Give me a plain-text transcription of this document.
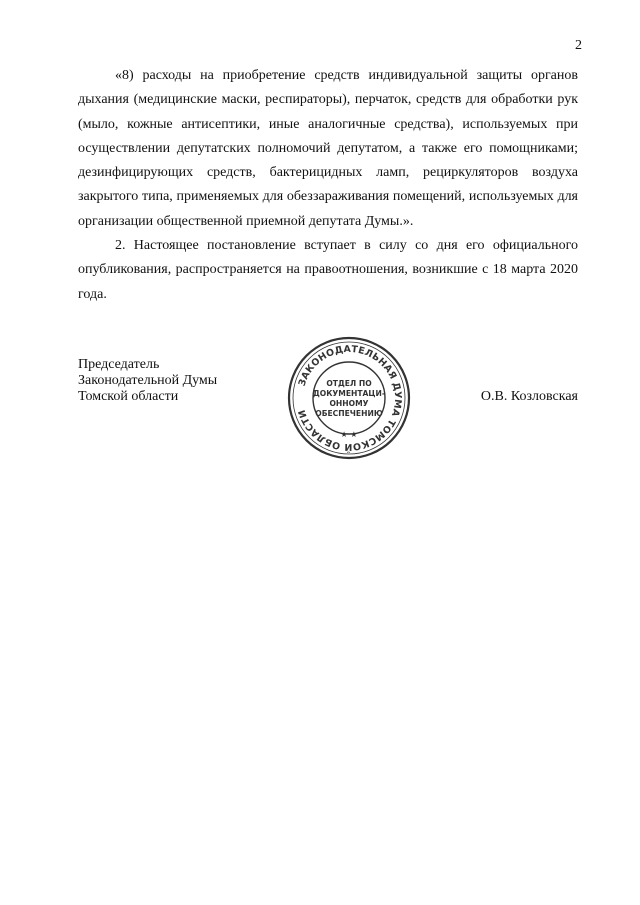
2

«8) расходы на приобретение средств индивидуальной защиты органов дыхания (медицинские маски, респираторы), перчаток, средств для обработки рук (мыло, кожные антисептики, иные аналогичные средства), используемых при осуществлении депутатских полномочий депутатом, а также его помощниками; дезинфицирующих средств, бактерицидных ламп, рециркуляторов воздуха закрытого типа, применяемых для обеззараживания помещений, используемых для организации общественной приемной депутата Думы.».

2. Настоящее постановление вступает в силу со дня его официального опубликования, распространяется на правоотношения, возникшие с 18 марта 2020 года.

Председатель
Законодательной Думы
Томской области
ЗАКОНОДАТЕЛЬНАЯ ДУМА ТОМСКОЙ ОБЛАСТИ
ОТДЕЛ ПО
ДОКУМЕНТАЦИ-
ОННОМУ
ОБЕСПЕЧЕНИЮ
★ ★
О.В. Козловская
